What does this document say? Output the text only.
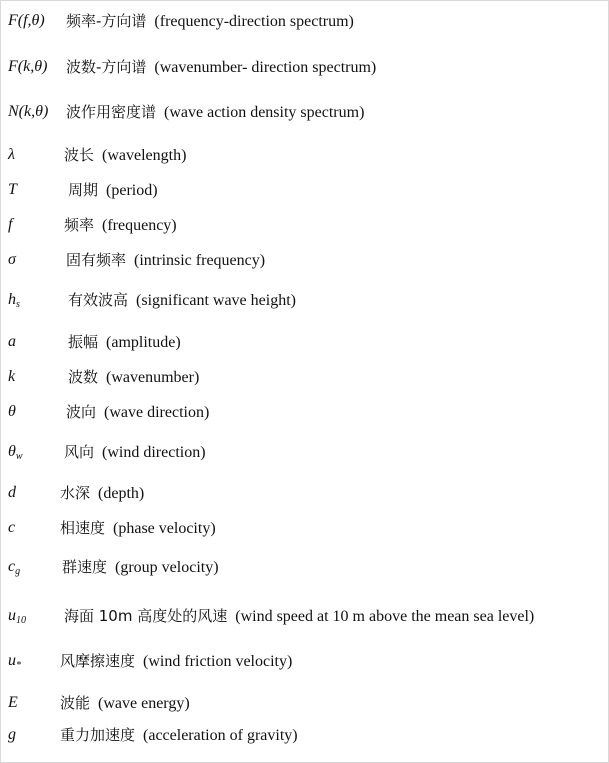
F(f,θ) 频率-方向谱 (frequency-direction spectrum)
F(k,θ) 波数-方向谱 (wavenumber- direction spectrum)
N(k,θ) 波作用密度谱 (wave action density spectrum)
λ	波长 (wavelength)
T	周期 (period)
f	频率 (frequency)
σ	固有频率 (intrinsic frequency)
$h_s$	有效波高 (significant wave height)
a	振幅 (amplitude)
k	波数 (wavenumber)
θ	波向 (wave direction)
$\theta_w$	风向 (wind direction)
d	水深 (depth)
c	相速度 (phase velocity)
$c_g$	群速度 (group velocity)
$u_{10}$	海面 10m 高度处的风速 (wind speed at 10 m above the mean sea level)
$u_*$	风摩擦速度 (wind friction velocity)
E	波能 (wave energy)
g	重力加速度 (acceleration of gravity)
